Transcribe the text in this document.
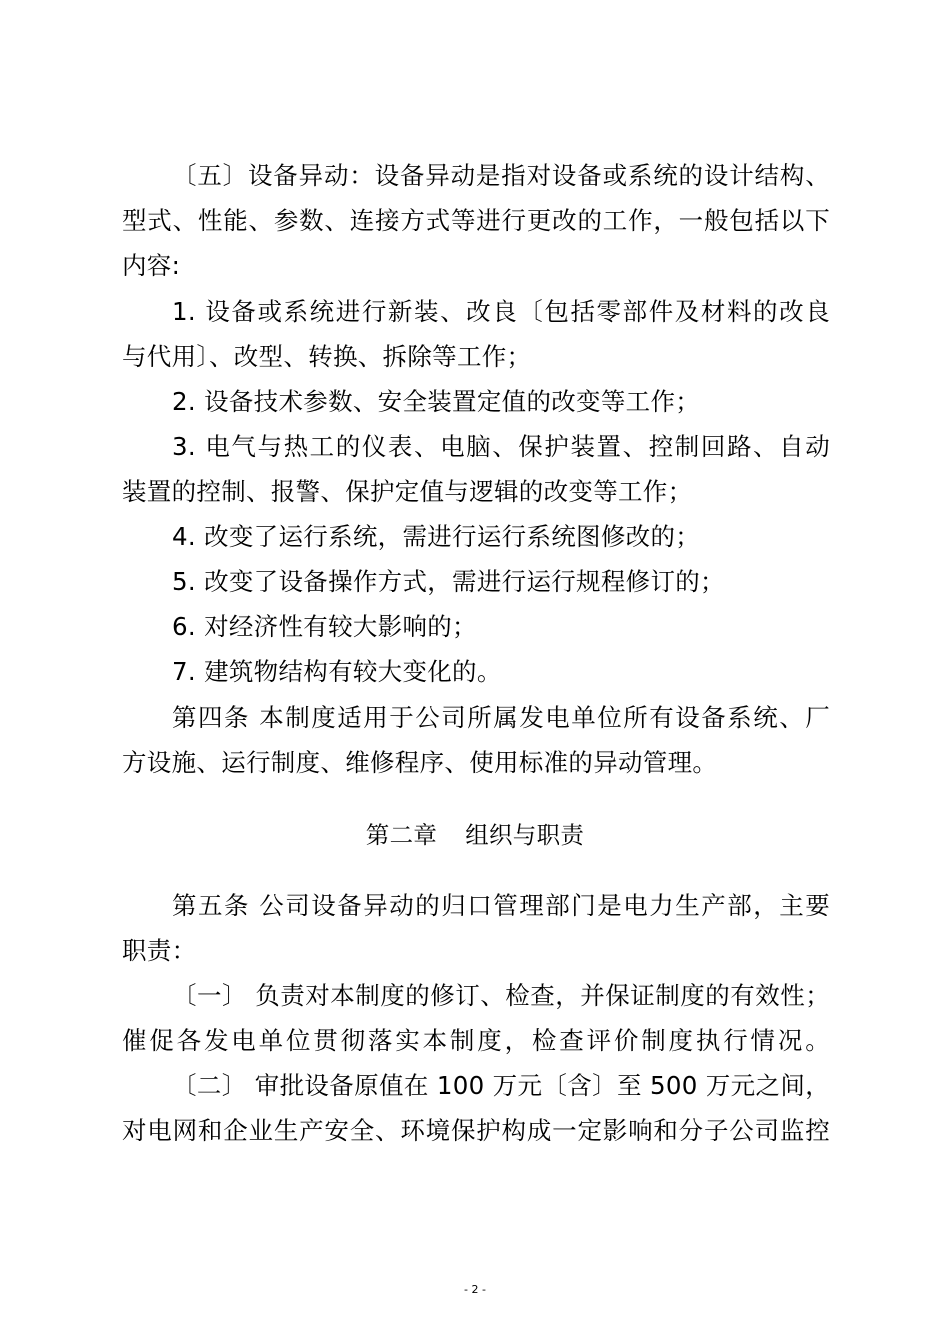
〔五〕设备异动：设备异动是指对设备或系统的设计结构、
型式、性能、参数、连接方式等进行更改的工作，一般包括以下
内容:
1. 设备或系统进行新装、改良〔包括零部件及材料的改良
与代用〕、改型、转换、拆除等工作；
2. 设备技术参数、安全装置定值的改变等工作；
3. 电气与热工的仪表、电脑、保护装置、控制回路、自动
装置的控制、报警、保护定值与逻辑的改变等工作；
4. 改变了运行系统，需进行运行系统图修改的；
5. 改变了设备操作方式，需进行运行规程修订的；
6. 对经济性有较大影响的；
7. 建筑物结构有较大变化的。
第四条 本制度适用于公司所属发电单位所有设备系统、厂
方设施、运行制度、维修程序、使用标准的异动管理。
第二章 组织与职责
第五条 公司设备异动的归口管理部门是电力生产部，主要
职责：
〔一〕 负责对本制度的修订、检查，并保证制度的有效性；
催促各发电单位贯彻落实本制度，检查评价制度执行情况。
〔二〕 审批设备原值在 100 万元〔含〕至 500 万元之间，
对电网和企业生产安全、环境保护构成一定影响和分子公司监控
- 2 -
